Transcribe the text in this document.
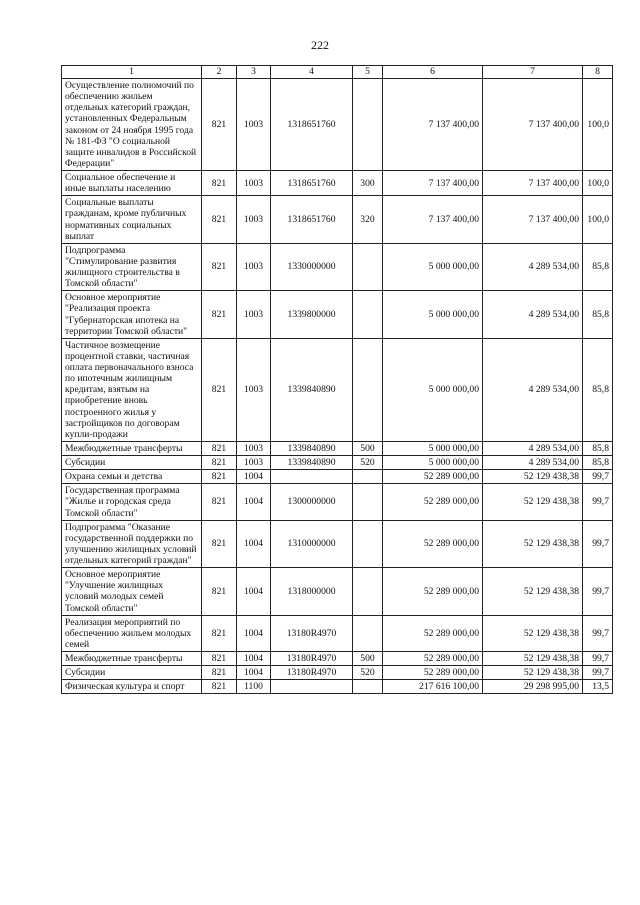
222
1	2	3	4	5	6	7	8
Осуществление полномочий по обеспечению жильем отдельных категорий граждан, установленных Федеральным законом от 24 ноября 1995 года № 181-ФЗ "О социальной защите инвалидов в Российской Федерации"	821	1003	1318651760		7 137 400,00	7 137 400,00	100,0
Социальное обеспечение и иные выплаты населению	821	1003	1318651760	300	7 137 400,00	7 137 400,00	100,0
Социальные выплаты гражданам, кроме публичных нормативных социальных выплат	821	1003	1318651760	320	7 137 400,00	7 137 400,00	100,0
Подпрограмма "Стимулирование развития жилищного строительства в Томской области"	821	1003	1330000000		5 000 000,00	4 289 534,00	85,8
Основное мероприятие "Реализация проекта "Губернаторская ипотека на территории Томской области"	821	1003	1339800000		5 000 000,00	4 289 534,00	85,8
Частичное возмещение процентной ставки, частичная оплата первоначального взноса по ипотечным жилищным кредитам, взятым на приобретение вновь построенного жилья у застройщиков по договорам купли-продажи	821	1003	1339840890		5 000 000,00	4 289 534,00	85,8
Межбюджетные трансферты	821	1003	1339840890	500	5 000 000,00	4 289 534,00	85,8
Субсидии	821	1003	1339840890	520	5 000 000,00	4 289 534,00	85,8
Охрана семьи и детства	821	1004			52 289 000,00	52 129 438,38	99,7
Государственная программа "Жилье и городская среда Томской области"	821	1004	1300000000		52 289 000,00	52 129 438,38	99,7
Подпрограмма "Оказание государственной поддержки по улучшению жилищных условий отдельных категорий граждан"	821	1004	1310000000		52 289 000,00	52 129 438,38	99,7
Основное мероприятие "Улучшение жилищных условий молодых семей Томской области"	821	1004	1318000000		52 289 000,00	52 129 438,38	99,7
Реализация мероприятий по обеспечению жильем молодых семей	821	1004	13180R4970		52 289 000,00	52 129 438,38	99,7
Межбюджетные трансферты	821	1004	13180R4970	500	52 289 000,00	52 129 438,38	99,7
Субсидии	821	1004	13180R4970	520	52 289 000,00	52 129 438,38	99,7
Физическая культура и спорт	821	1100			217 616 100,00	29 298 995,00	13,5
